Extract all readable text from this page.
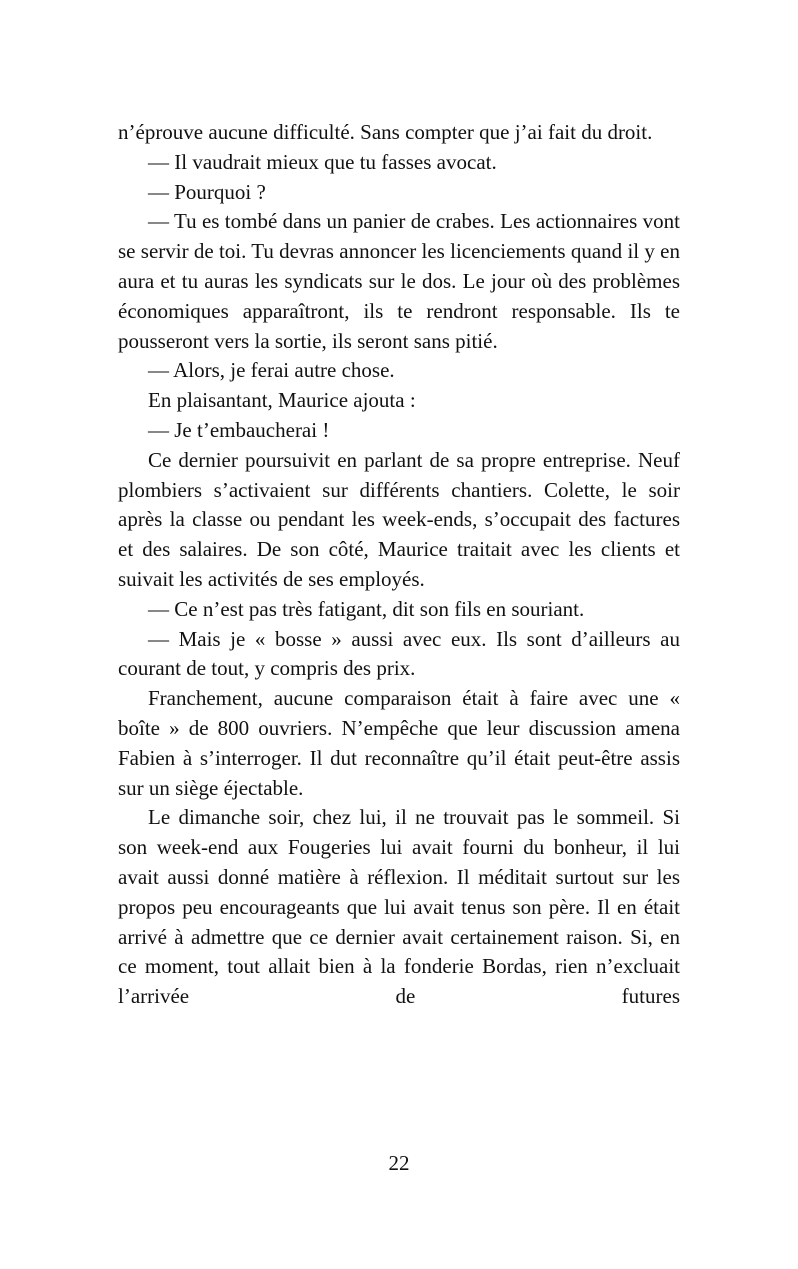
n’éprouve aucune difficulté. Sans compter que j’ai fait du droit.

— Il vaudrait mieux que tu fasses avocat.

— Pourquoi ?

— Tu es tombé dans un panier de crabes. Les actionnaires vont se servir de toi. Tu devras annoncer les licenciements quand il y en aura et tu auras les syndicats sur le dos. Le jour où des problèmes économiques apparaîtront, ils te rendront responsable. Ils te pousseront vers la sortie, ils seront sans pitié.

— Alors, je ferai autre chose.

En plaisantant, Maurice ajouta :

— Je t’embaucherai !

Ce dernier poursuivit en parlant de sa propre entreprise. Neuf plombiers s’activaient sur différents chantiers. Colette, le soir après la classe ou pendant les week-ends, s’occupait des factures et des salaires. De son côté, Maurice traitait avec les clients et suivait les activités de ses employés.

— Ce n’est pas très fatigant, dit son fils en souriant.

— Mais je « bosse » aussi avec eux. Ils sont d’ailleurs au courant de tout, y compris des prix.

Franchement, aucune comparaison était à faire avec une « boîte » de 800 ouvriers. N’empêche que leur discussion amena Fabien à s’interroger. Il dut reconnaître qu’il était peut-être assis sur un siège éjectable.

Le dimanche soir, chez lui, il ne trouvait pas le sommeil. Si son week-end aux Fougeries lui avait fourni du bonheur, il lui avait aussi donné matière à réflexion. Il méditait surtout sur les propos peu encourageants que lui avait tenus son père. Il en était arrivé à admettre que ce dernier avait certainement raison. Si, en ce moment, tout allait bien à la fonderie Bordas, rien n’excluait l’arrivée de futures

22
